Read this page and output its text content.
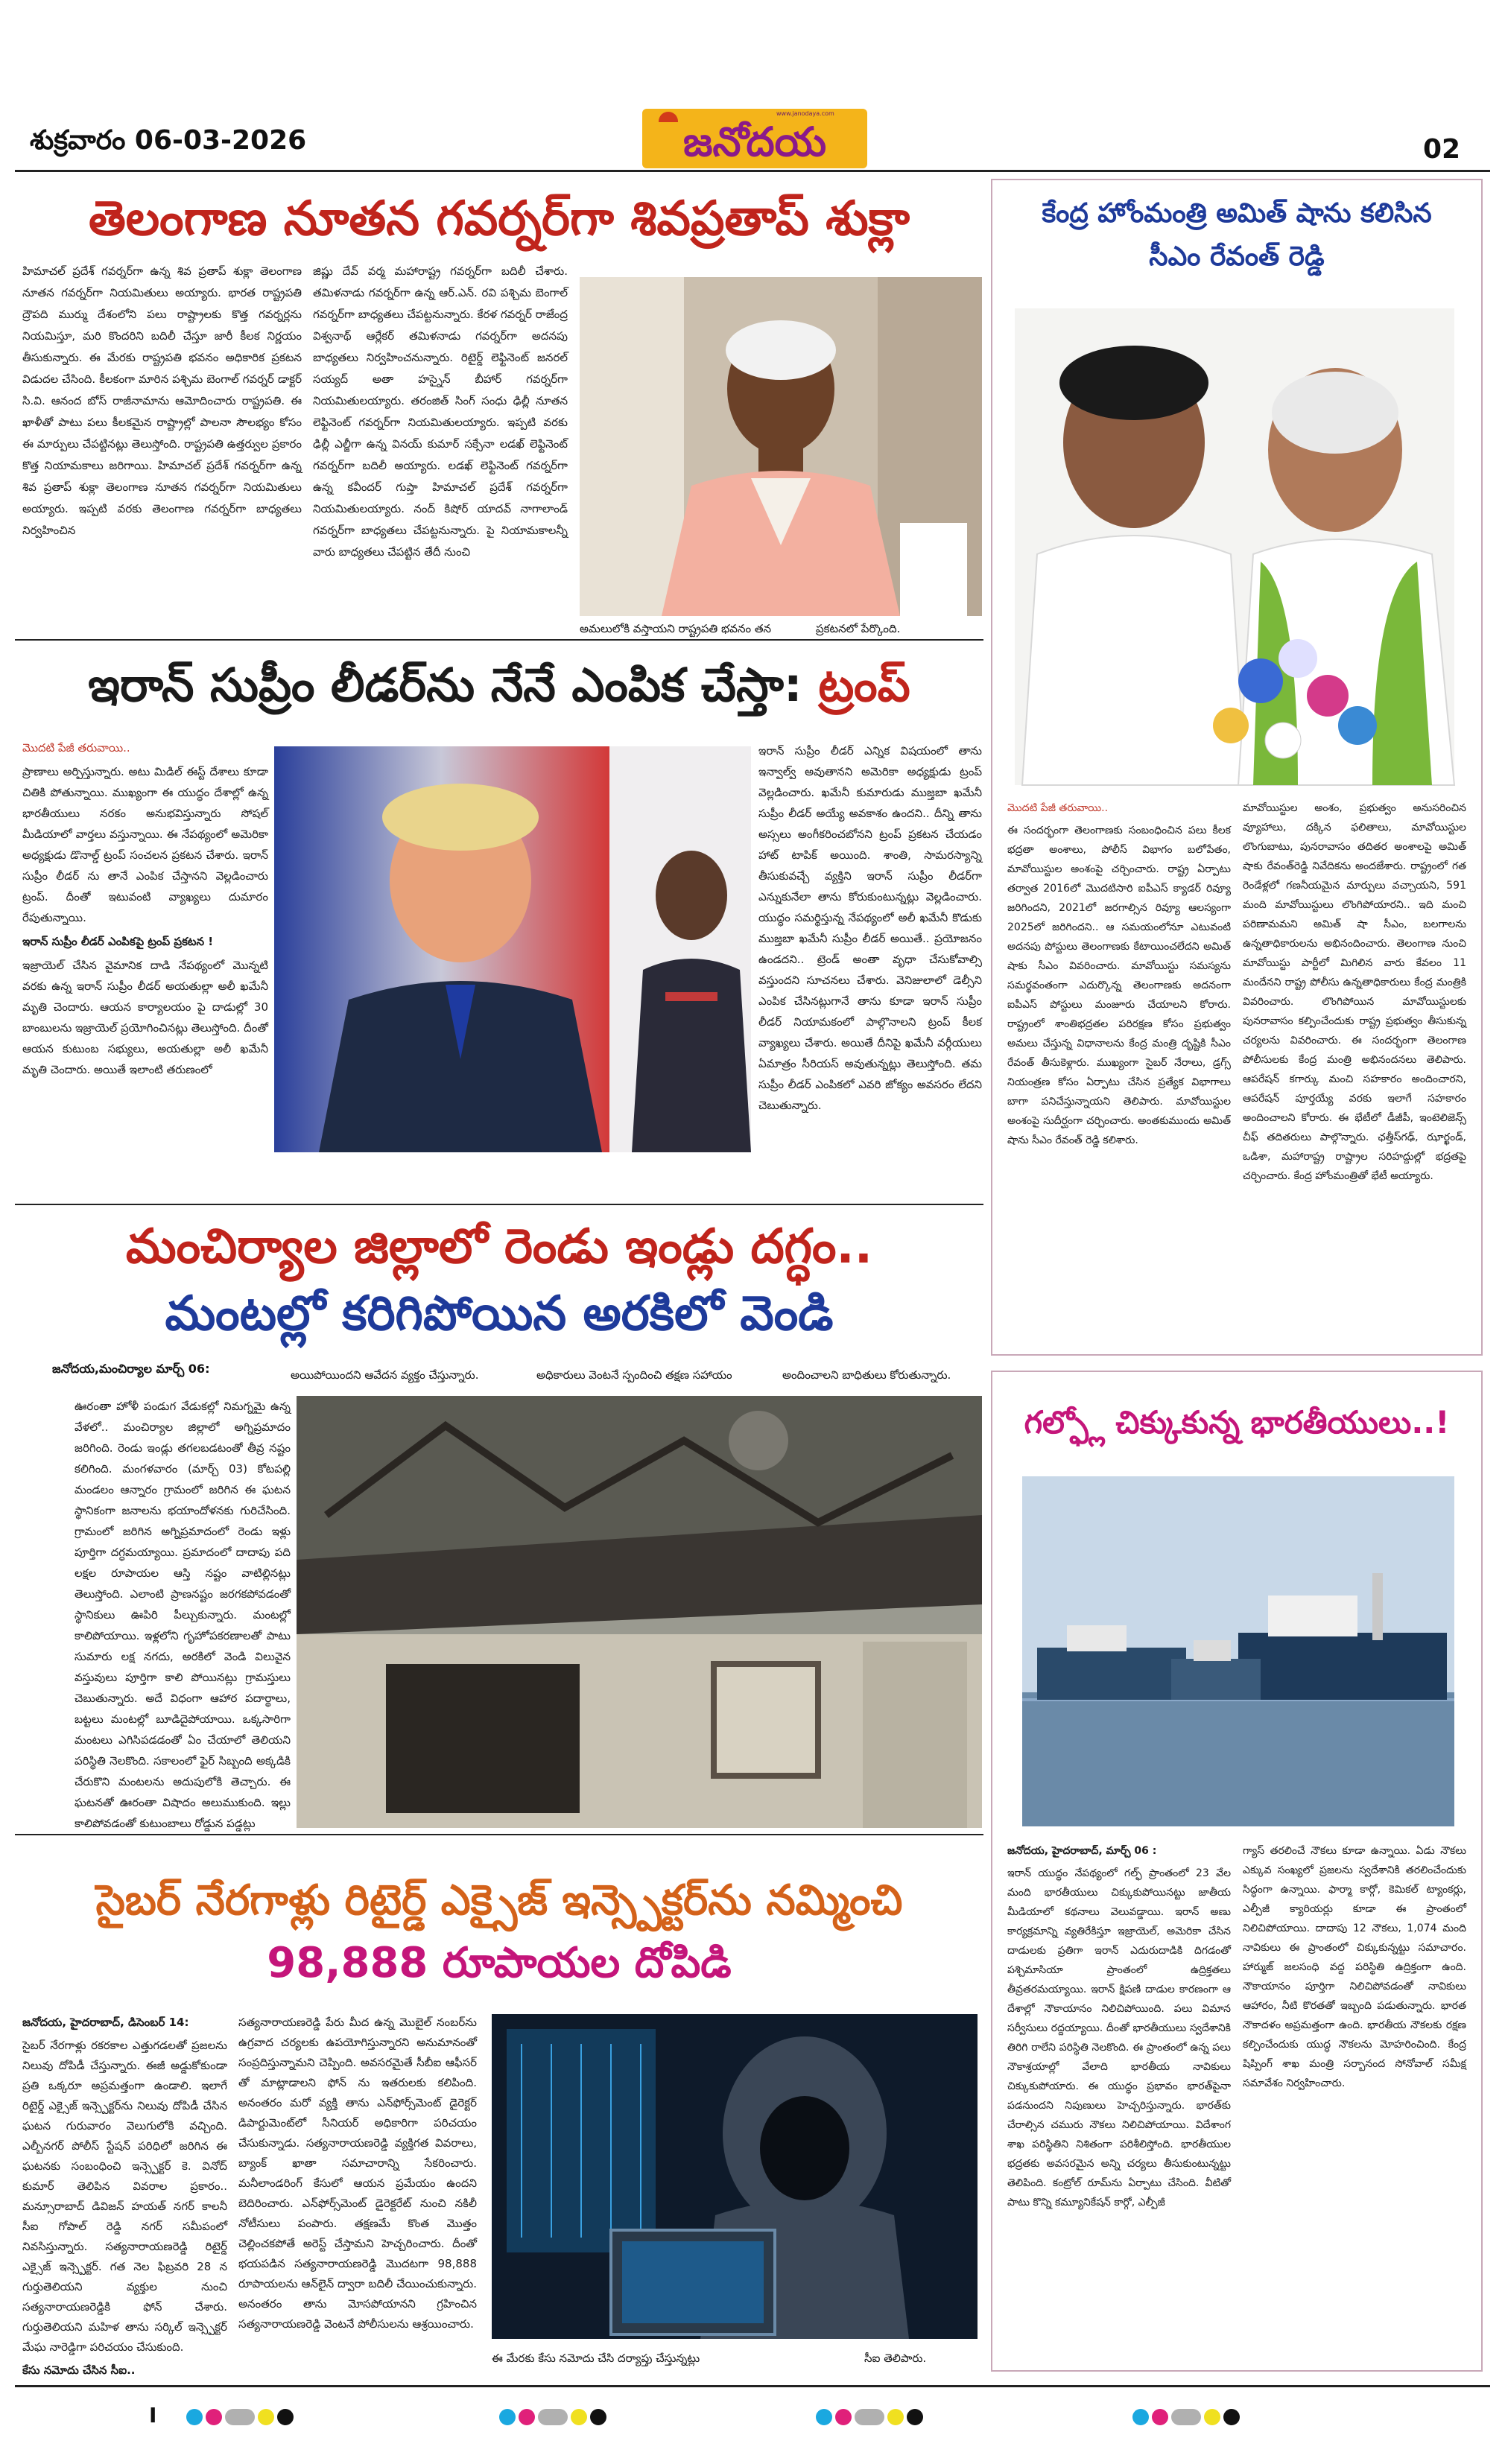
శుక్రవారం 06-03-2026
www.janodaya.com
జనోదయ	02
తెలంగాణ నూతన గవర్నర్‌గా శివప్రతాప్ శుక్లా
హిమాచల్ ప్రదేశ్ గవర్నర్‌గా ఉన్న శివ ప్రతాప్ శుక్లా తెలంగాణ నూతన గవర్నర్‌గా నియమితులు అయ్యారు. భారత రాష్ట్రపతి ద్రౌపది ముర్ము దేశంలోని పలు రాష్ట్రాలకు కొత్త గవర్నర్లను నియమిస్తూ, మరి కొందరిని బదిలీ చేస్తూ జారీ కీలక నిర్ణయం తీసుకున్నారు. ఈ మేరకు రాష్ట్రపతి భవనం అధికారిక ప్రకటన విడుదల చేసింది. కీలకంగా మారిన పశ్చిమ బెంగాల్ గవర్నర్ డాక్టర్ సి.వి. ఆనంద బోస్ రాజీనామాను ఆమోదించారు రాష్ట్రపతి. ఈ ఖాళీతో పాటు పలు కీలకమైన రాష్ట్రాల్లో పాలనా సౌలభ్యం కోసం ఈ మార్పులు చేపట్టినట్లు తెలుస్తోంది. రాష్ట్రపతి ఉత్తర్వుల ప్రకారం కొత్త నియామకాలు జరిగాయి. హిమాచల్ ప్రదేశ్ గవర్నర్‌గా ఉన్న శివ ప్రతాప్ శుక్లా తెలంగాణ నూతన గవర్నర్‌గా నియమితులు అయ్యారు. ఇప్పటి వరకు తెలంగాణ గవర్నర్‌గా బాధ్యతలు నిర్వహించిన
జిష్ణు దేవ్ వర్మ మహారాష్ట్ర గవర్నర్‌గా బదిలీ చేశారు. తమిళనాడు గవర్నర్‌గా ఉన్న ఆర్.ఎన్. రవి పశ్చిమ బెంగాల్ గవర్నర్‌గా బాధ్యతలు చేపట్టనున్నారు. కేరళ గవర్నర్ రాజేంద్ర విశ్వనాథ్ ఆర్లేకర్ తమిళనాడు గవర్నర్‌గా అదనపు బాధ్యతలు నిర్వహించనున్నారు. రిటైర్డ్ లెఫ్టినెంట్ జనరల్ సయ్యద్ అతా హస్నైన్ బీహార్ గవర్నర్‌గా నియమితులయ్యారు. తరంజిత్ సింగ్ సంధు ఢిల్లీ నూతన లెఫ్టినెంట్ గవర్నర్‌గా నియమితులయ్యారు. ఇప్పటి వరకు ఢిల్లీ ఎల్జీగా ఉన్న వినయ్ కుమార్ సక్సేనా లడఖ్ లెఫ్టినెంట్ గవర్నర్‌గా బదిలీ అయ్యారు. లడఖ్ లెఫ్టినెంట్ గవర్నర్‌గా ఉన్న కవీందర్ గుప్తా హిమాచల్ ప్రదేశ్ గవర్నర్‌గా నియమితులయ్యారు. నంద్ కిషోర్ యాదవ్ నాగాలాండ్ గవర్నర్‌గా బాధ్యతలు చేపట్టనున్నారు. పై నియామకాలన్నీ వారు బాధ్యతలు చేపట్టిన తేదీ నుంచి
అమలులోకి వస్తాయని రాష్ట్రపతి భవనం తన	ప్రకటనలో పేర్కొంది.
ఇరాన్ సుప్రీం లీడర్‌ను నేనే ఎంపిక చేస్తా: ట్రంప్

మొదటి పేజీ తరువాయి..

ప్రాణాలు అర్పిస్తున్నారు. అటు మిడిల్ ఈస్ట్ దేశాలు కూడా చితికి పోతున్నాయి. ముఖ్యంగా ఈ యుద్ధం దేశాల్లో ఉన్న భారతీయులు నరకం అనుభవిస్తున్నారు సోషల్ మీడియాలో వార్తలు వస్తున్నాయి. ఈ నేపథ్యంలో అమెరికా అధ్యక్షుడు డొనాల్డ్ ట్రంప్ సంచలన ప్రకటన చేశారు. ఇరాన్ సుప్రీం లీడర్ ను తానే ఎంపిక చేస్తానని వెల్లడించారు ట్రంప్. దీంతో ఇటువంటి వ్యాఖ్యలు దుమారం రేపుతున్నాయి.

ఇరాన్ సుప్రీం లీడర్ ఎంపికపై ట్రంప్ ప్రకటన !

ఇజ్రాయెల్ చేసిన వైమానిక దాడి నేపథ్యంలో మొన్నటి వరకు ఉన్న ఇరాన్ సుప్రీం లీడర్ అయతుల్లా అలీ ఖమేనీ మృతి చెందారు. ఆయన కార్యాలయం పై దాడుల్లో 30 బాంబులను ఇజ్రాయెల్ ప్రయోగించినట్లు తెలుస్తోంది. దీంతో ఆయన కుటుంబ సభ్యులు, అయతుల్లా అలీ ఖమేనీ మృతి చెందారు. అయితే ఇలాంటి తరుణంలో

ఇరాన్ సుప్రీం లీడర్ ఎన్నిక విషయంలో తాను ఇన్వాల్వ్ అవుతానని అమెరికా అధ్యక్షుడు ట్రంప్ వెల్లడించారు. ఖమేనీ కుమారుడు ముజ్తబా ఖమేనీ సుప్రీం లీడర్ అయ్యే అవకాశం ఉందని.. దీన్ని తాను అస్సలు అంగీకరించబోనని ట్రంప్ ప్రకటన చేయడం హాట్ టాపిక్ అయింది. శాంతి, సామరస్యాన్ని తీసుకువచ్చే వ్యక్తిని ఇరాన్ సుప్రీం లీడర్‌గా ఎన్నుకునేలా తాను కోరుకుంటున్నట్లు వెల్లడించారు. యుద్ధం సమర్థిస్తున్న నేపథ్యంలో అలీ ఖమేనీ కొడుకు ముజ్తబా ఖమేనీ సుప్రీం లీడర్ అయితే.. ప్రయోజనం ఉండదని.. ట్రెండ్ అంతా వృధా చేసుకోవాల్సి వస్తుందని సూచనలు చేశారు. వెనిజులాలో డెల్సీని ఎంపిక చేసినట్లుగానే తాను కూడా ఇరాన్ సుప్రీం లీడర్ నియామకంలో పాల్గొనాలని ట్రంప్ కీలక వ్యాఖ్యలు చేశారు. అయితే దీనిపై ఖమేనీ వర్గీయులు ఏమాత్రం సీరియస్ అవుతున్నట్లు తెలుస్తోంది. తమ సుప్రీం లీడర్ ఎంపికలో ఎవరి జోక్యం అవసరం లేదని చెబుతున్నారు.
మంచిర్యాల జిల్లాలో రెండు ఇండ్లు దగ్ధం..
మంటల్లో కరిగిపోయిన అరకిలో వెండి
జనోదయ,మంచిర్యాల మార్చ్ 06:	అయిపోయిందని ఆవేదన వ్యక్తం చేస్తున్నారు.	అధికారులు వెంటనే స్పందించి తక్షణ సహాయం	అందించాలని బాధితులు కోరుతున్నారు.
ఊరంతా హోళీ పండుగ వేడుకల్లో నిమగ్నమై ఉన్న వేళలో.. మంచిర్యాల జిల్లాలో అగ్నిప్రమాదం జరిగింది. రెండు ఇండ్లు తగలబడటంతో తీవ్ర నష్టం కలిగింది. మంగళవారం (మార్చ్ 03) కోటపల్లి మండలం ఆన్నారం గ్రామంలో జరిగిన ఈ ఘటన స్థానికంగా జనాలను భయాందోళనకు గురిచేసింది. గ్రామంలో జరిగిన అగ్నిప్రమాదంలో రెండు ఇళ్లు పూర్తిగా దగ్ధమయ్యాయి. ప్రమాదంలో దాదాపు పది లక్షల రూపాయల ఆస్తి నష్టం వాటిల్లినట్లు తెలుస్తోంది. ఎలాంటి ప్రాణనష్టం జరగకపోవడంతో స్థానికులు ఊపిరి పీల్చుకున్నారు. మంటల్లో కాలిపోయాయి. ఇళ్లలోని గృహోపకరణాలతో పాటు సుమారు లక్ష నగదు, అరకిలో వెండి విలువైన వస్తువులు పూర్తిగా కాలి పోయినట్లు గ్రామస్తులు చెబుతున్నారు. అదే విధంగా ఆహార పదార్థాలు, బట్టలు మంటల్లో బూడిదైపోయాయి. ఒక్కసారిగా మంటలు ఎగిసిపడడంతో ఏం చేయాలో తెలియని పరిస్థితి నెలకొంది. సకాలంలో ఫైర్ సిబ్బంది అక్కడికి చేరుకొని మంటలను అదుపులోకి తెచ్చారు. ఈ ఘటనతో ఊరంతా విషాదం అలుముకుంది. ఇల్లు కాలిపోవడంతో కుటుంబాలు రోడ్డున పడ్డట్లు
సైబర్ నేరగాళ్లు రిటైర్డ్ ఎక్సైజ్ ఇన్స్పెక్టర్‌ను నమ్మించి
98,888 రూపాయల దోపిడి

జనోదయ, హైదరాబాద్, డిసెంబర్ 14:

సైబర్ నేరగాళ్లు రకరకాల ఎత్తుగడలతో ప్రజలను నిలువు దోపిడీ చేస్తున్నారు. ఈజీ అడ్డుకోకుండా ప్రతి ఒక్కరూ అప్రమత్తంగా ఉండాలి. ఇలాగే రిటైర్డ్ ఎక్సైజ్ ఇన్స్పెక్టర్‌ను నిలువు దోపిడీ చేసిన ఘటన గురువారం వెలుగులోకి వచ్చింది. ఎల్బీనగర్ పోలీస్ స్టేషన్ పరిధిలో జరిగిన ఈ ఘటనకు సంబంధించి ఇన్స్పెక్టర్ కె. వినోద్ కుమార్ తెలిపిన వివరాల ప్రకారం.. మన్సూరాబాద్ డివిజన్ హయత్ నగర్ కాలనీ సీఐ గోపాల్ రెడ్డి నగర్ సమీపంలో నివసిస్తున్నారు. సత్యనారాయణరెడ్డి రిటైర్డ్ ఎక్సైజ్ ఇన్స్పెక్టర్. గత నెల ఫిబ్రవరి 28 న గుర్తుతెలియని వ్యక్తుల నుంచి సత్యనారాయణరెడ్డికి ఫోన్ చేశారు. గుర్తుతెలియని మహిళ తాను సర్కిల్ ఇన్స్పెక్టర్ మేఘ నారెడ్డిగా పరిచయం చేసుకుంది.

కేసు నమోదు చేసిన సీఐ..

సత్యనారాయణరెడ్డి పేరు మీద ఉన్న మొబైల్ నంబర్‌ను ఉగ్రవాద చర్యలకు ఉపయోగిస్తున్నారని అనుమానంతో సంప్రదిస్తున్నామని చెప్పింది. అవసరమైతే సీబీఐ ఆఫీసర్ తో మాట్లాడాలని ఫోన్ ను ఇతరులకు కలిపింది. అనంతరం మరో వ్యక్తి తాను ఎన్‌ఫోర్స్‌మెంట్ డైరెక్టర్ డిపార్టుమెంట్‌లో సీనియర్ అధికారిగా పరిచయం చేసుకున్నాడు. సత్యనారాయణరెడ్డి వ్యక్తిగత వివరాలు, బ్యాంక్ ఖాతా సమాచారాన్ని సేకరించారు. మనీలాండరింగ్ కేసులో ఆయన ప్రమేయం ఉందని బెదిరించారు. ఎన్‌ఫోర్స్‌మెంట్ డైరెక్టరేట్ నుంచి నకిలీ నోటీసులు పంపారు. తక్షణమే కొంత మొత్తం చెల్లించకపోతే అరెస్ట్ చేస్తామని హెచ్చరించారు. దీంతో భయపడిన సత్యనారాయణరెడ్డి మొదటగా 98,888 రూపాయలను ఆన్‌లైన్ ద్వారా బదిలీ చేయించుకున్నారు. అనంతరం తాను మోసపోయానని గ్రహించిన సత్యనారాయణరెడ్డి వెంటనే పోలీసులను ఆశ్రయించారు.
ఈ మేరకు కేసు నమోదు చేసి దర్యాప్తు చేస్తున్నట్లు	సీఐ తెలిపారు.
కేంద్ర హోంమంత్రి అమిత్ షాను కలిసిన
సీఎం రేవంత్ రెడ్డి

మొదటి పేజీ తరువాయి..

ఈ సందర్భంగా తెలంగాణకు సంబంధించిన పలు కీలక భద్రతా అంశాలు, పోలీస్ విభాగం బలోపేతం, మావోయిస్టుల అంశంపై చర్చించారు. రాష్ట్ర ఏర్పాటు తర్వాత 2016లో మొదటిసారి ఐపీఎస్ క్యాడర్ రివ్యూ జరిగిందని, 2021లో జరగాల్సిన రివ్యూ ఆలస్యంగా 2025లో జరిగిందని.. ఆ సమయంలోనూ ఎటువంటి అదనపు పోస్టులు తెలంగాణకు కేటాయించలేదని అమిత్ షాకు సీఎం వివరించారు. మావోయిస్టు సమస్యను సమర్థవంతంగా ఎదుర్కొన్న తెలంగాణకు అదనంగా ఐపీఎస్ పోస్టులు మంజూరు చేయాలని కోరారు. రాష్ట్రంలో శాంతిభద్రతల పరిరక్షణ కోసం ప్రభుత్వం అమలు చేస్తున్న విధానాలను కేంద్ర మంత్రి దృష్టికి సీఎం రేవంత్ తీసుకెళ్లారు. ముఖ్యంగా సైబర్ నేరాలు, డ్రగ్స్ నియంత్రణ కోసం ఏర్పాటు చేసిన ప్రత్యేక విభాగాలు బాగా పనిచేస్తున్నాయని తెలిపారు. మావోయిస్టుల అంశంపై సుదీర్ఘంగా చర్చించారు. అంతకుముందు అమిత్ షాను సీఎం రేవంత్ రెడ్డి కలిశారు.

మావోయిస్టుల అంశం, ప్రభుత్వం అనుసరించిన వ్యూహాలు, దక్కిన ఫలితాలు, మావోయిస్టుల లొంగుబాటు, పునరావాసం తదితర అంశాలపై అమిత్ షాకు రేవంత్‌రెడ్డి నివేదికను అందజేశారు. రాష్ట్రంలో గత రెండేళ్లలో గణనీయమైన మార్పులు వచ్చాయని, 591 మంది మావోయిస్టులు లొంగిపోయారని.. ఇది మంచి పరిణామమని అమిత్ షా సీఎం, బలగాలను ఉన్నతాధికారులను అభినందించారు. తెలంగాణ నుంచి మావోయిస్టు పార్టీలో మిగిలిన వారు కేవలం 11 మందేనని రాష్ట్ర పోలీసు ఉన్నతాధికారులు కేంద్ర మంత్రికి వివరించారు. లొంగిపోయిన మావోయిస్టులకు పునరావాసం కల్పించేందుకు రాష్ట్ర ప్రభుత్వం తీసుకున్న చర్యలను వివరించారు. ఈ సందర్భంగా తెలంగాణ పోలీసులకు కేంద్ర మంత్రి అభినందనలు తెలిపారు. ఆపరేషన్ కగార్కు మంచి సహకారం అందించారని, ఆపరేషన్ పూర్తయ్యే వరకు ఇలాగే సహకారం అందించాలని కోరారు. ఈ భేటీలో డీజీపీ, ఇంటెలిజెన్స్ చీఫ్ తదితరులు పాల్గొన్నారు. ఛత్తీస్‌గఢ్, ఝార్ఖండ్, ఒడిశా, మహారాష్ట్ర రాష్ట్రాల సరిహద్దుల్లో భద్రతపై చర్చించారు. కేంద్ర హోంమంత్రితో భేటీ అయ్యారు.
గల్ఫ్లో చిక్కుకున్న భారతీయులు..!

జనోదయ, హైదరాబాద్, మార్చ్ 06 :

ఇరాన్ యుద్ధం నేపథ్యంలో గల్ఫ్ ప్రాంతంలో 23 వేల మంది భారతీయులు చిక్కుకుపోయినట్టు జాతీయ మీడియాలో కథనాలు వెలువడ్డాయి. ఇరాన్ అణు కార్యక్రమాన్ని వ్యతిరేకిస్తూ ఇజ్రాయెల్, అమెరికా చేసిన దాడులకు ప్రతిగా ఇరాన్ ఎదురుదాడికి దిగడంతో పశ్చిమాసియా ప్రాంతంలో ఉద్రిక్తతలు తీవ్రతరమయ్యాయి. ఇరాన్ క్షిపణి దాడుల కారణంగా ఆ దేశాల్లో నౌకాయానం నిలిచిపోయింది. పలు విమాన సర్వీసులు రద్దయ్యాయి. దీంతో భారతీయులు స్వదేశానికి తిరిగి రాలేని పరిస్థితి నెలకొంది. ఈ ప్రాంతంలో ఉన్న పలు నౌకాశ్రయాల్లో వేలాది భారతీయ నావికులు చిక్కుకుపోయారు. ఈ యుద్ధం ప్రభావం భారత్‌పైనా పడనుందని నిపుణులు హెచ్చరిస్తున్నారు. భారత్‌కు చేరాల్సిన చమురు నౌకలు నిలిచిపోయాయి. విదేశాంగ శాఖ పరిస్థితిని నిశితంగా పరిశీలిస్తోంది. భారతీయుల భద్రతకు అవసరమైన అన్ని చర్యలు తీసుకుంటున్నట్టు తెలిపింది. కంట్రోల్ రూమ్‌ను ఏర్పాటు చేసింది. వీటితో పాటు కొన్ని కమ్యూనికేషన్ కార్గో, ఎల్పీజీ

గ్యాస్ తరలించే నౌకలు కూడా ఉన్నాయి. ఏడు నౌకలు ఎక్కువ సంఖ్యలో ప్రజలను స్వదేశానికి తరలించేందుకు సిద్ధంగా ఉన్నాయి. ఫార్మా కార్గో, కెమికల్ ట్యాంకర్లు, ఎల్పీజీ క్యారియర్లు కూడా ఈ ప్రాంతంలో నిలిచిపోయాయి. దాదాపు 12 నౌకలు, 1,074 మంది నావికులు ఈ ప్రాంతంలో చిక్కుకున్నట్టు సమాచారం. హార్ముజ్ జలసంధి వద్ద పరిస్థితి ఉద్రిక్తంగా ఉంది. నౌకాయానం పూర్తిగా నిలిచిపోవడంతో నావికులు ఆహారం, నీటి కొరతతో ఇబ్బంది పడుతున్నారు. భారత నౌకాదళం అప్రమత్తంగా ఉంది. భారతీయ నౌకలకు రక్షణ కల్పించేందుకు యుద్ధ నౌకలను మోహరించింది. కేంద్ర షిప్పింగ్ శాఖ మంత్రి సర్బానంద సోనోవాల్ సమీక్ష సమావేశం నిర్వహించారు.
I
